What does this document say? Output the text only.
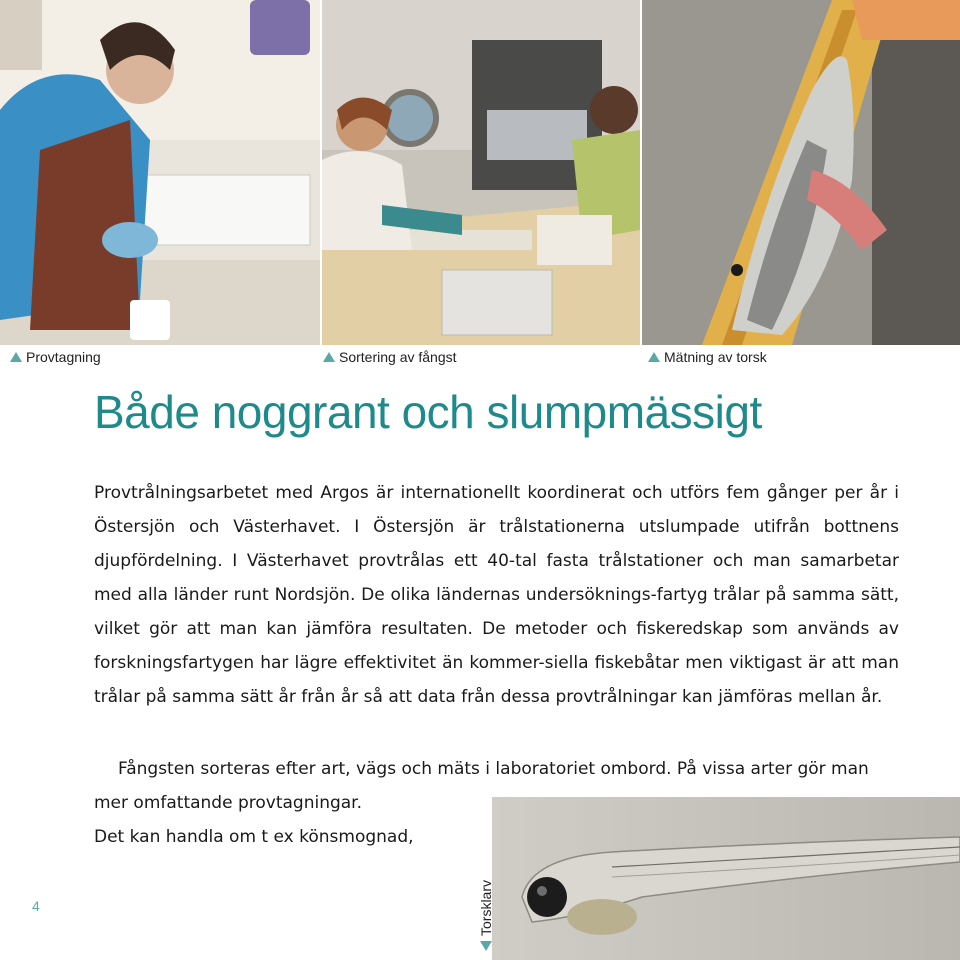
Provtagning	Sortering av fångst	Mätning av torsk
Både noggrant och slumpmässigt

Provtrålningsarbetet med Argos är internationellt koordinerat och utförs fem gånger per år i Östersjön och Västerhavet. I Östersjön är trålstationerna utslumpade utifrån bottnens djupfördelning. I Västerhavet provtrålas ett 40-tal fasta trålstationer och man samarbetar med alla länder runt Nordsjön. De olika ländernas undersöknings-fartyg trålar på samma sätt, vilket gör att man kan jämföra resultaten. De metoder och fiskeredskap som används av forskningsfartygen har lägre effektivitet än kommer-siella fiskebåtar men viktigast är att man trålar på samma sätt år från år så att data från dessa provtrålningar kan jämföras mellan år.

Fångsten sorteras efter art, vägs och mäts i laboratoriet ombord. På vissa arter gör man mer omfattande provtagningar.

Det kan handla om t ex könsmognad,

Torsklarv
4
